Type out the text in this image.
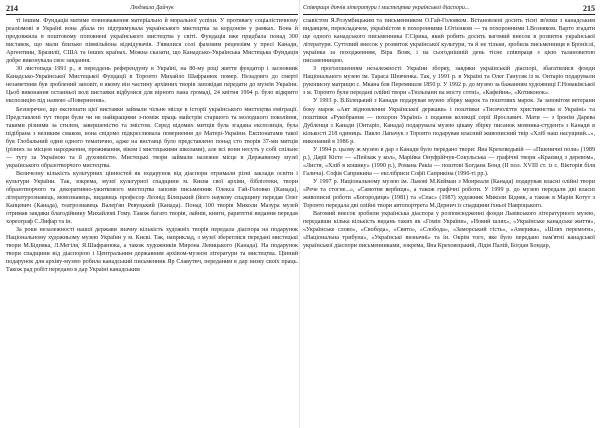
214	Людмила Дайчук

ті іншим. Фундація матиме повноваження матеріально й моральної успіхи. У противагу соціалістичному реалізмові в Україні вона дбала по підтримувала українського мистецтва за кордоном у рамках. Вона й продовжила в поштовому поповнені українського мистецтва у світі. Фундація вже придбала понад 300 виставок, що мали близько півмільйона відвідувачів. З'явилися солі фаховим рецензіям у пресі Канади, Аргентини, Бразилії, США та інших країнах. Можна сказати, що Канадсько-Українська Мистецька Фундація добре виконувала своє завдання.

30 листопада 1991 р., в переддень референдуму в Україні, на 80-му році життя фундатор і засновник Канадсько-Української Мистецької Фундації в Торонто Михайло Шафранюк помер. Незадовго до смерті незаметним був зроблений заповіт, в якому він частину архівних творів заповідав передати до музеїв України. Цьоб виконання останньої волі виставки відбулися для вірного пана громаді, 24 квітня 1994 р. було відкрито експозицію під назвою «Повернення».

Безперечно, що експонати цієї виставки займали чільне місце в історії українського мистецтва еміграції. Представлені тут твори були чи не найкращими з-поміж праць майстрів старшого та молодшого покоління, такими різними за стилем, завершеністю та змістом. Серед відомих митців була згадана експозиція, була підібрана з великим смаком, вона свідомо підкреслювала повернення до Матері-України. Експонатами такої був Глобальний один одного тематично, адже на виставці було представлено понад сто творів 37-ми митців (різних за місцем народження, проживання, віком і мистецькими школами), але всі вони несуть у собі спільне — тугу за Україною та її духовністю. Мистецькі твори займали належне місце в Державному музеї українського образотворчого мистецтва.

Величезну кількість культурних цінностей як подарунок від діаспори отримали різні заклади освіти і культури України. Так, зокрема, музеї культурної спадщини м. Києва свої архіви, бібліотеки, твори образотворчого та декоративно-ужиткового мистецтва заповів письменник Олекса Гай-Головко (Канада), літературознавець, мовознавець, видавець професор Леонід Білецький (його наукову спадщину передав Олег Канцевич (Канада), театрознавець Валер'ян Ревуцький (Канада). Понад 100 творів Миколи Мазура музей отримав завдяки благодійнику Михайлові Гому. Також багато творів, лайнів, книги, раритетні видання передав хореограф С.Лифар та ін.

За роки незалежності нашої держави значну кількість художніх творів передала діаспора на подарунок Національному художньому музею України у м. Києві. Так, наприклад, з музеї збереглися передані мистецькі твори М.Бідняка, Л.Мегіля, Я.Шафранюка, а також художників Мирона Левицького (Канада). На подарунок твори спадщини від діаспорою і Центральним державним архівом-музеєм літератури та мистецтва. Цінний подарунок для архіву-музею робила канадський письменник Яр Славутич, переданим в дар низку своїх праць. Також рад робіт передано в дар Україні канадським

Співпраця діячів літератури і мистецтва української діаспори...	215

славістом Я.Розумбицьким та письменником О.Гай-Головком. Встановлені досить тісні зв'язки з канадським видавцем, перекладачем, україністом в похоронними І.Огієнком — та похоронними І.Возняком. Варто згадати ще одного канадського письменника Г.Сірика, який робить досить вагомий внесок в розвиток української літератури. Суттєвий внесок у розвиток української культури, та й не тільки, зробила письменниця в Броніслі, українка за походженням, Віра Вовк, і на сьогоднішній день тісне співпраця з цією талановитою письменницею.

З проголошенням незалежності України зборку, завдяки українській діаспорі, збагатилися фонди Національного музею ім. Тараса Шевченка. Так, у 1991 р. в Україні та Олег Ганусяк із м. Онтаріо подарували рукописну матрицю с. Мкана бля Перемишля 1850 р. У 1992 р. до музею за бажанням художниці Г.Новаківської з м. Торонто були передані олійні твори «Тюльпани на мосту сотні», «Кафейня», «Котиконок».

У 1993 р. В.Білецький з Канади подарував музею збірку марок та поштових марок. За заповітом ветерани боку марок «Акт відновлення Української держави» і поштівки «Тисячоліття християнства в Україні» та поштівки «Рукобрання — похорон Україні» з подання колекції серії Ярославич. Мати — з Іронім Дарева Дубленця з Канади (Онтаріо, Канада) подарувала музею цікаву збірку писанок мовника-студента з Канади в кількості 218 одиниць. Павло Лапачук з Торонто подарував власний живописний твір «Хліб наш насущний...», виконаний в 1986 р.

У 1994 р. цьому ж музею в дар з Канади було передано твори: Яна Креховедьвій — «Пшеничні поля» (1989 р.), Дарії Кісте — «Пейзаж у кол», Марійка Онуфрійчук-Сокульська — графічні твори «Краєвид з деревом», «Листя, «Хліб в кошику» (1990 р.), Романа Ракіа — поштові Богдана Бонд (II пол. XVIII ст. із с. Вікторів біля Галича). Софія Саприкина — екслібриси Софії Саприкіна (1990-ті рр.).

У 1997 р. Національному музею ім. Львові М.Кейман з Монреаля (Канада) подарував власні олійні твори «Рече та стогне...», «Самотня вербиця», а також графічні роботи. У 1999 р. до музею передали дві власні живописні роботи «Богородиця» (1981) та «Спас» (1987) художник Миколи Бідняк, а також в Марія Котут з Торонто передала дві олійні твори автопортрета М.Дернич із спадщини їхньої Навроцького.

Вагомий внесок зробили українська діаспора у розповсюдженні фонди Львівського літературного музею, передавши кілька кількість видань таких як «Гомін України», «Новий шлях», «Українське канадське життя», «Українське слово», «Свобода», «Свято», «Слобода», «Заморський гість», «Америка», «Шлях перемоги», «Національна трибуна», «Українські визначні» та ін. Окрім того, яке було передано пам'ятні канадської української діаспори письменниками, зокрема, Яна Креховецький, Лідія Палій, Богдан Бондар,
